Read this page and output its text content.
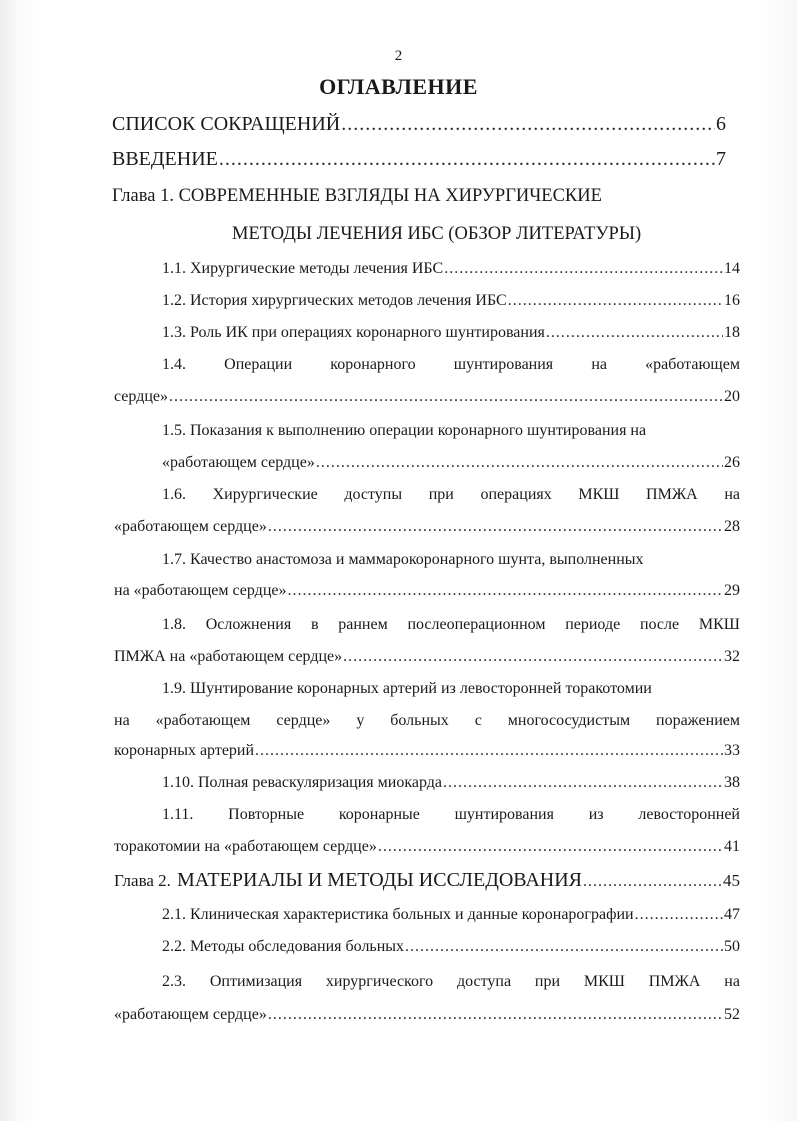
2
ОГЛАВЛЕНИЕ
СПИСОК СОКРАЩЕНИЙ .....	6
ВВЕДЕНИЕ .....	7
Глава 1. СОВРЕМЕННЫЕ ВЗГЛЯДЫ НА ХИРУРГИЧЕСКИЕ
МЕТОДЫ ЛЕЧЕНИЯ ИБС (ОБЗОР ЛИТЕРАТУРЫ)
1.1. Хирургические методы лечения ИБС .....	14
1.2. История хирургических методов лечения ИБС .....	16
1.3. Роль ИК при операциях коронарного шунтирования .....	18
1.4. Операции коронарного шунтирования на «работающем
сердце» .....	20
1.5. Показания к выполнению операции коронарного шунтирования на
«работающем сердце» .....	26
1.6. Хирургические доступы при операциях МКШ ПМЖА на
«работающем сердце» .....	28
1.7. Качество анастомоза и маммарокоронарного шунта, выполненных
на «работающем сердце» .....	29
1.8. Осложнения в раннем послеоперационном периоде после МКШ
ПМЖА на «работающем сердце» .....	32
1.9. Шунтирование коронарных артерий из левосторонней торакотомии
на «работающем сердце» у больных с многососудистым поражением
коронарных артерий .....	33
1.10. Полная реваскуляризация миокарда .....	38
1.11. Повторные коронарные шунтирования из левосторонней
торакотомии на «работающем сердце» .....	41
Глава 2. МАТЕРИАЛЫ И МЕТОДЫ ИССЛЕДОВАНИЯ .....	45
2.1. Клиническая характеристика больных и данные коронарографии .....	47
2.2. Методы обследования больных .....	50
2.3. Оптимизация хирургического доступа при МКШ ПМЖА на
«работающем сердце» .....	52
